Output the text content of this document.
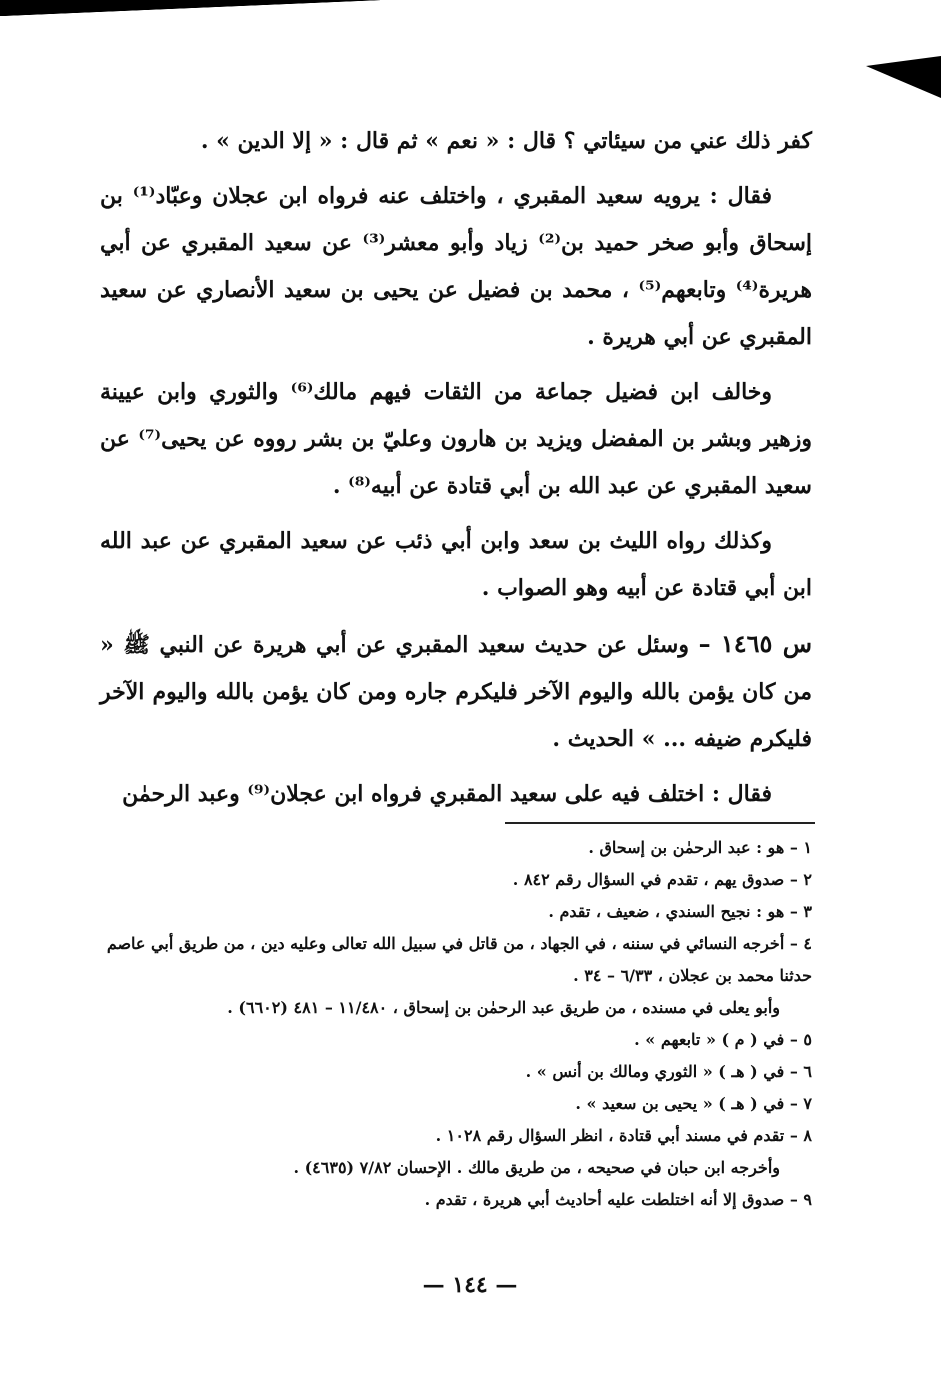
كفر ذلك عني من سيئاتي ؟ قال : « نعم » ثم قال : « إلا الدين » .

فقال : يرويه سعيد المقبري ، واختلف عنه فرواه ابن عجلان وعبّاد⁽¹⁾ بن إسحاق وأبو صخر حميد بن⁽²⁾ زياد وأبو معشر⁽³⁾ عن سعيد المقبري عن أبي هريرة⁽⁴⁾ وتابعهم⁽⁵⁾ ، محمد بن فضيل عن يحيى بن سعيد الأنصاري عن سعيد المقبري عن أبي هريرة .

وخالف ابن فضيل جماعة من الثقات فيهم مالك⁽⁶⁾ والثوري وابن عيينة وزهير وبشر بن المفضل ويزيد بن هارون وعليّ بن بشر رووه عن يحيى⁽⁷⁾ عن سعيد المقبري عن عبد الله بن أبي قتادة عن أبيه⁽⁸⁾ .

وكذلك رواه الليث بن سعد وابن أبي ذئب عن سعيد المقبري عن عبد الله ابن أبي قتادة عن أبيه وهو الصواب .

س ١٤٦٥ – وسئل عن حديث سعيد المقبري عن أبي هريرة عن النبي ﷺ « من كان يؤمن بالله واليوم الآخر فليكرم جاره ومن كان يؤمن بالله واليوم الآخر فليكرم ضيفه ... » الحديث .

فقال : اختلف فيه على سعيد المقبري فرواه ابن عجلان⁽⁹⁾ وعبد الرحمٰن

١ – هو : عبد الرحمٰن بن إسحاق .

٢ – صدوق يهم ، تقدم في السؤال رقم ٨٤٢ .

٣ – هو : نجيح السندي ، ضعيف ، تقدم .

٤ – أخرجه النسائي في سننه ، في الجهاد ، من قاتل في سبيل الله تعالى وعليه دين ، من طريق أبي عاصم حدثنا محمد بن عجلان ، ٦/٣٣ – ٣٤ .

وأبو يعلى في مسنده ، من طريق عبد الرحمٰن بن إسحاق ، ١١/٤٨٠ – ٤٨١ (٦٦٠٢) .

٥ – في ( م ) « تابعهم » .

٦ – في ( هـ ) « الثوري ومالك بن أنس » .

٧ – في ( هـ ) « يحيى بن سعيد » .

٨ – تقدم في مسند أبي قتادة ، انظر السؤال رقم ١٠٢٨ .

وأخرجه ابن حبان في صحيحه ، من طريق مالك . الإحسان ٧/٨٢ (٤٦٣٥) .

٩ – صدوق إلا أنه اختلطت عليه أحاديث أبي هريرة ، تقدم .

— ١٤٤ —
